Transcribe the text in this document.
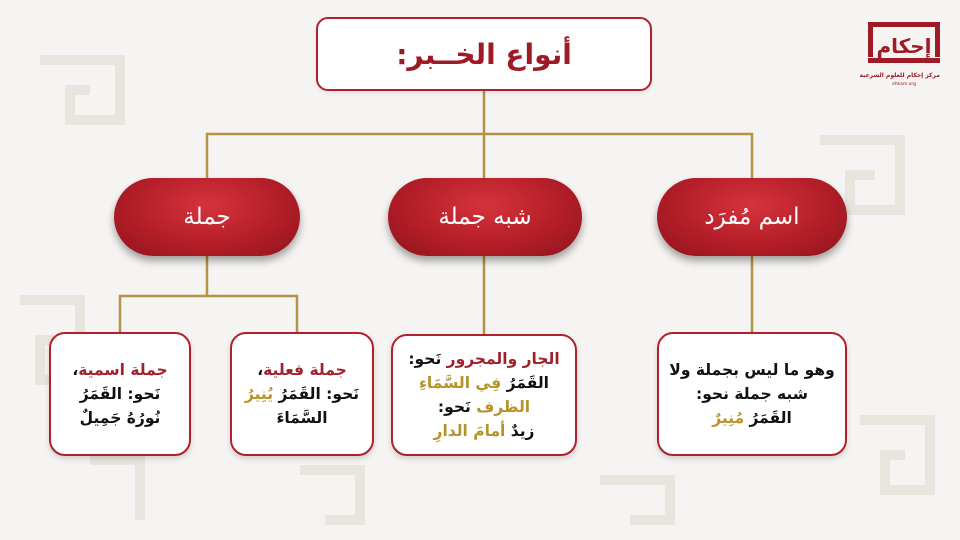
أنواع الخــبر:	إحكام
مركز إحكام للعلوم الشرعية
ehkam.org
جملة	شبه جملة	اسم مُفرَد
جملة اسمية،
نَحو: القَمَرُ
نُورُهُ جَمِيلٌ
جملة فعلية،
نَحو: القَمَرُ يُنِيرُ
السَّمَاءَ
الجار والمجرور نَحو:
القَمَرُ فِي السَّمَاءِ
الظرف نَحو:
زيدٌ أمامَ الدارِ
وهو ما ليس بجملة ولا
شبه جملة نحو:
القَمَرُ مُنِيرٌ
